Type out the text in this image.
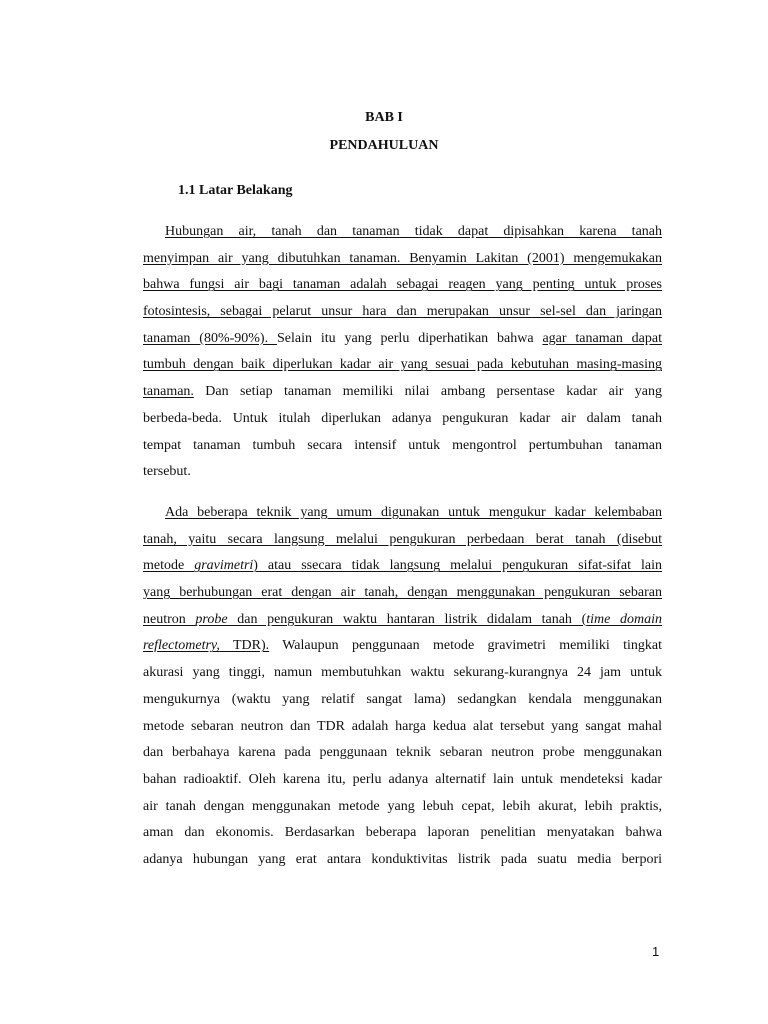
BAB I
PENDAHULUAN
1.1 Latar Belakang
Hubungan air, tanah dan tanaman tidak dapat dipisahkan karena tanah
menyimpan air yang dibutuhkan tanaman. Benyamin Lakitan (2001) mengemukakan
bahwa fungsi air bagi tanaman adalah sebagai reagen yang penting untuk proses
fotosintesis, sebagai pelarut unsur hara dan merupakan unsur sel-sel dan jaringan
tanaman (80%-90%). Selain itu yang perlu diperhatikan bahwa agar tanaman dapat
tumbuh dengan baik diperlukan kadar air yang sesuai pada kebutuhan masing-masing
tanaman. Dan setiap tanaman memiliki nilai ambang persentase kadar air yang
berbeda-beda. Untuk itulah diperlukan adanya pengukuran kadar air dalam tanah
tempat tanaman tumbuh secara intensif untuk mengontrol pertumbuhan tanaman
tersebut.
Ada beberapa teknik yang umum digunakan untuk mengukur kadar kelembaban
tanah, yaitu secara langsung melalui pengukuran perbedaan berat tanah (disebut
metode gravimetri) atau ssecara tidak langsung melalui pengukuran sifat-sifat lain
yang berhubungan erat dengan air tanah, dengan menggunakan pengukuran sebaran
neutron probe dan pengukuran waktu hantaran listrik didalam tanah (time domain
reflectometry, TDR). Walaupun penggunaan metode gravimetri memiliki tingkat
akurasi yang tinggi, namun membutuhkan waktu sekurang-kurangnya 24 jam untuk
mengukurnya (waktu yang relatif sangat lama) sedangkan kendala menggunakan
metode sebaran neutron dan TDR adalah harga kedua alat tersebut yang sangat mahal
dan berbahaya karena pada penggunaan teknik sebaran neutron probe menggunakan
bahan radioaktif. Oleh karena itu, perlu adanya alternatif lain untuk mendeteksi kadar
air tanah dengan menggunakan metode yang lebuh cepat, lebih akurat, lebih praktis,
aman dan ekonomis. Berdasarkan beberapa laporan penelitian menyatakan bahwa
adanya hubungan yang erat antara konduktivitas listrik pada suatu media berpori
1
